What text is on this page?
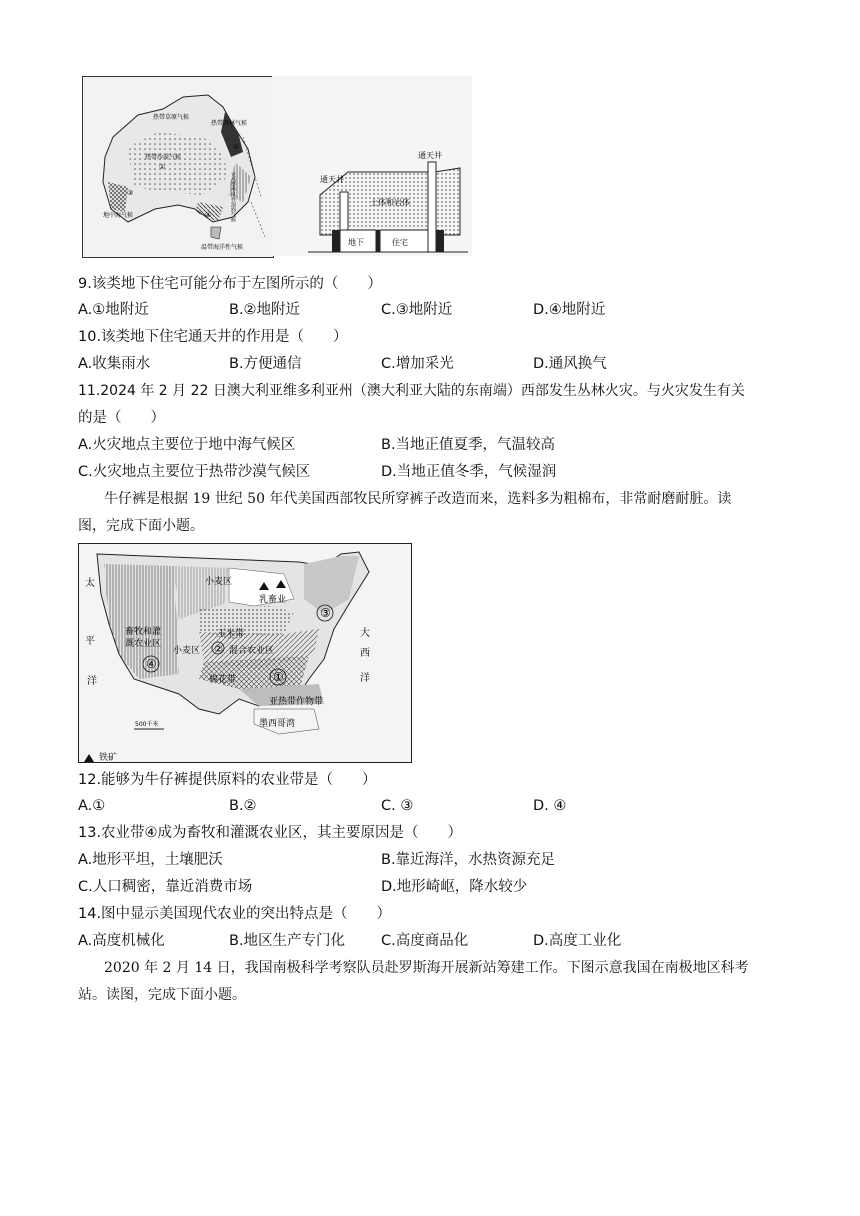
热带草原气候
热带雨林气候
热带沙漠气候
①
②
亚热带季风性湿润气候
地中海气候
③
温带海洋性气候
④
通天井
通天井
土体和岩体
地下	住宅
9.该类地下住宅可能分布于左图所示的（　　）
A.①地附近	B.②地附近	C.③地附近	D.④地附近
10.该类地下住宅通天井的作用是（　　）
A.收集雨水	B.方便通信	C.增加采光	D.通风换气
11.2024 年 2 月 22 日澳大利亚维多利亚州（澳大利亚大陆的东南端）西部发生丛林火灾。与火灾发生有关
的是（　　）
A.火灾地点主要位于地中海气候区	B.当地正值夏季，气温较高
C.火灾地点主要位于热带沙漠气候区	D.当地正值冬季，气候湿润
牛仔裤是根据 19 世纪 50 年代美国西部牧民所穿裤子改造而来，选料多为粗棉布，非常耐磨耐脏。读
图，完成下面小题。
太
平
洋
小麦区
乳畜业
③
大
西
洋
畜牧和灌
溉农业区
④
玉米带
小麦区	混合农业区
②
棉花带	①
亚热带作物带
墨西哥湾
500千米
铁矿
12.能够为牛仔裤提供原料的农业带是（　　）
A.①	B.②	C. ③	D. ④
13.农业带④成为畜牧和灌溉农业区，其主要原因是（　　）
A.地形平坦，土壤肥沃	B.靠近海洋，水热资源充足
C.人口稠密，靠近消费市场	D.地形崎岖，降水较少
14.图中显示美国现代农业的突出特点是（　　）
A.高度机械化	B.地区生产专门化 C.高度商品化	D.高度工业化
2020 年 2 月 14 日，我国南极科学考察队员赴罗斯海开展新站筹建工作。下图示意我国在南极地区科考
站。读图，完成下面小题。
